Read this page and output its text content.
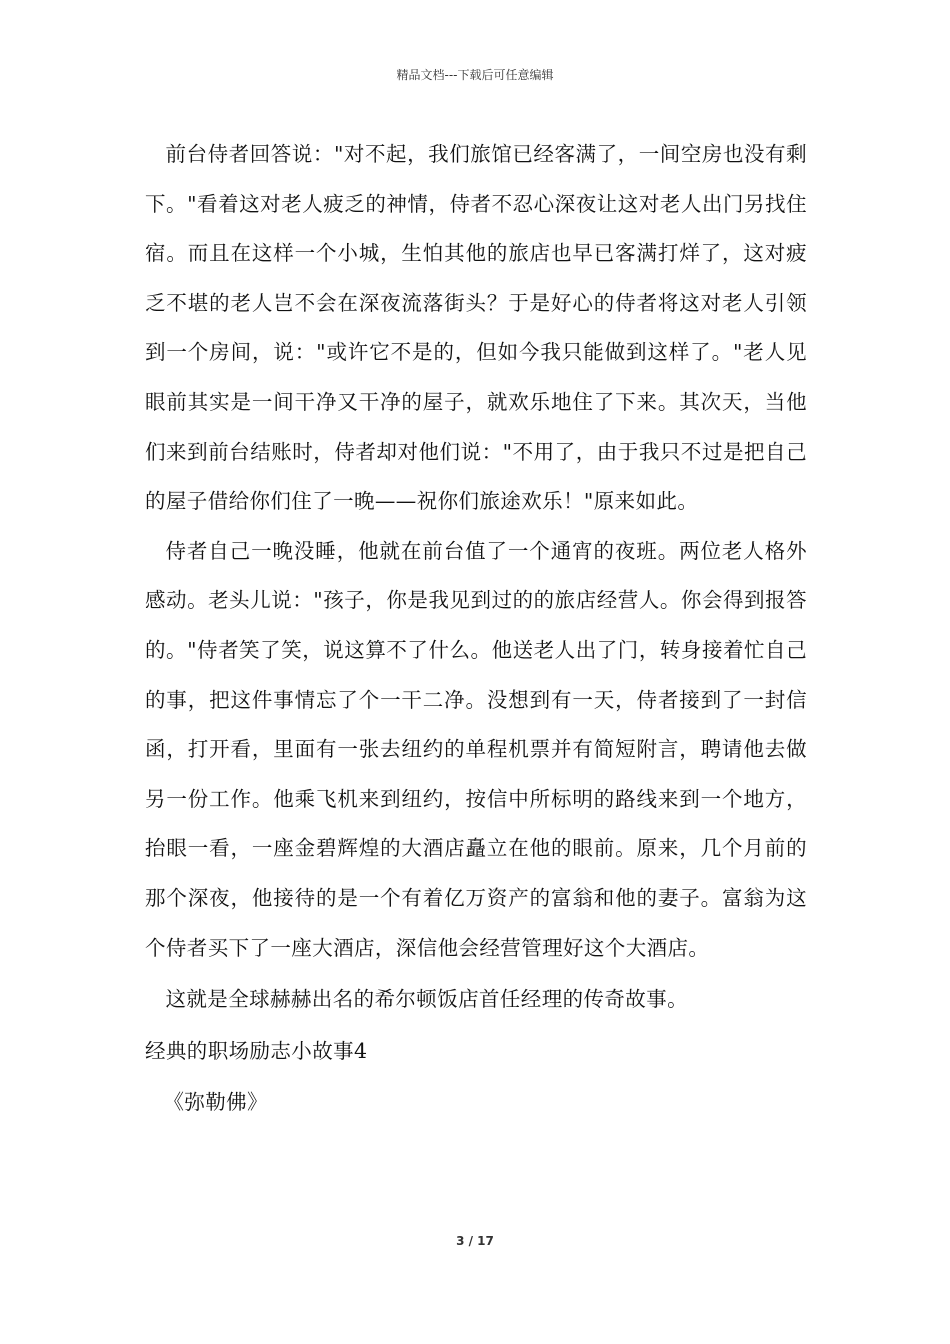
精品文档---下载后可任意编辑

前台侍者回答说："对不起，我们旅馆已经客满了，一间空房也没有剩下。"看着这对老人疲乏的神情，侍者不忍心深夜让这对老人出门另找住宿。而且在这样一个小城，生怕其他的旅店也早已客满打烊了，这对疲乏不堪的老人岂不会在深夜流落街头？于是好心的侍者将这对老人引领到一个房间，说："或许它不是的，但如今我只能做到这样了。"老人见眼前其实是一间干净又干净的屋子，就欢乐地住了下来。其次天，当他们来到前台结账时，侍者却对他们说："不用了，由于我只不过是把自己的屋子借给你们住了一晚——祝你们旅途欢乐！"原来如此。

侍者自己一晚没睡，他就在前台值了一个通宵的夜班。两位老人格外感动。老头儿说："孩子，你是我见到过的的旅店经营人。你会得到报答的。"侍者笑了笑，说这算不了什么。他送老人出了门，转身接着忙自己的事，把这件事情忘了个一干二净。没想到有一天，侍者接到了一封信函，打开看，里面有一张去纽约的单程机票并有简短附言，聘请他去做另一份工作。他乘飞机来到纽约，按信中所标明的路线来到一个地方，抬眼一看，一座金碧辉煌的大酒店矗立在他的眼前。原来，几个月前的那个深夜，他接待的是一个有着亿万资产的富翁和他的妻子。富翁为这个侍者买下了一座大酒店，深信他会经营管理好这个大酒店。

这就是全球赫赫出名的希尔顿饭店首任经理的传奇故事。

经典的职场励志小故事4

《弥勒佛》

3 / 17
